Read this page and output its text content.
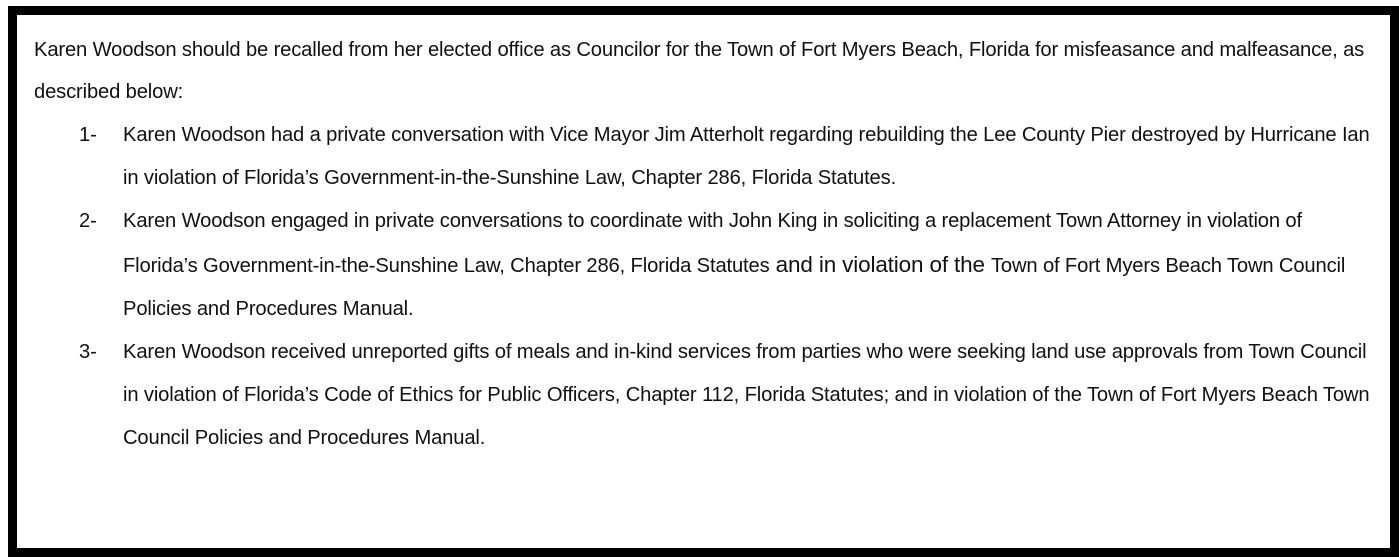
Karen Woodson should be recalled from her elected office as Councilor for the Town of Fort Myers Beach, Florida for misfeasance and malfeasance, as described below:

1- Karen Woodson had a private conversation with Vice Mayor Jim Atterholt regarding rebuilding the Lee County Pier destroyed by Hurricane Ian in violation of Florida’s Government-in-the-Sunshine Law, Chapter 286, Florida Statutes.
2- Karen Woodson engaged in private conversations to coordinate with John King in soliciting a replacement Town Attorney in violation of Florida’s Government-in-the-Sunshine Law, Chapter 286, Florida Statutes and in violation of the Town of Fort Myers Beach Town Council Policies and Procedures Manual.
3- Karen Woodson received unreported gifts of meals and in-kind services from parties who were seeking land use approvals from Town Council in violation of Florida’s Code of Ethics for Public Officers, Chapter 112, Florida Statutes; and in violation of the Town of Fort Myers Beach Town Council Policies and Procedures Manual.
